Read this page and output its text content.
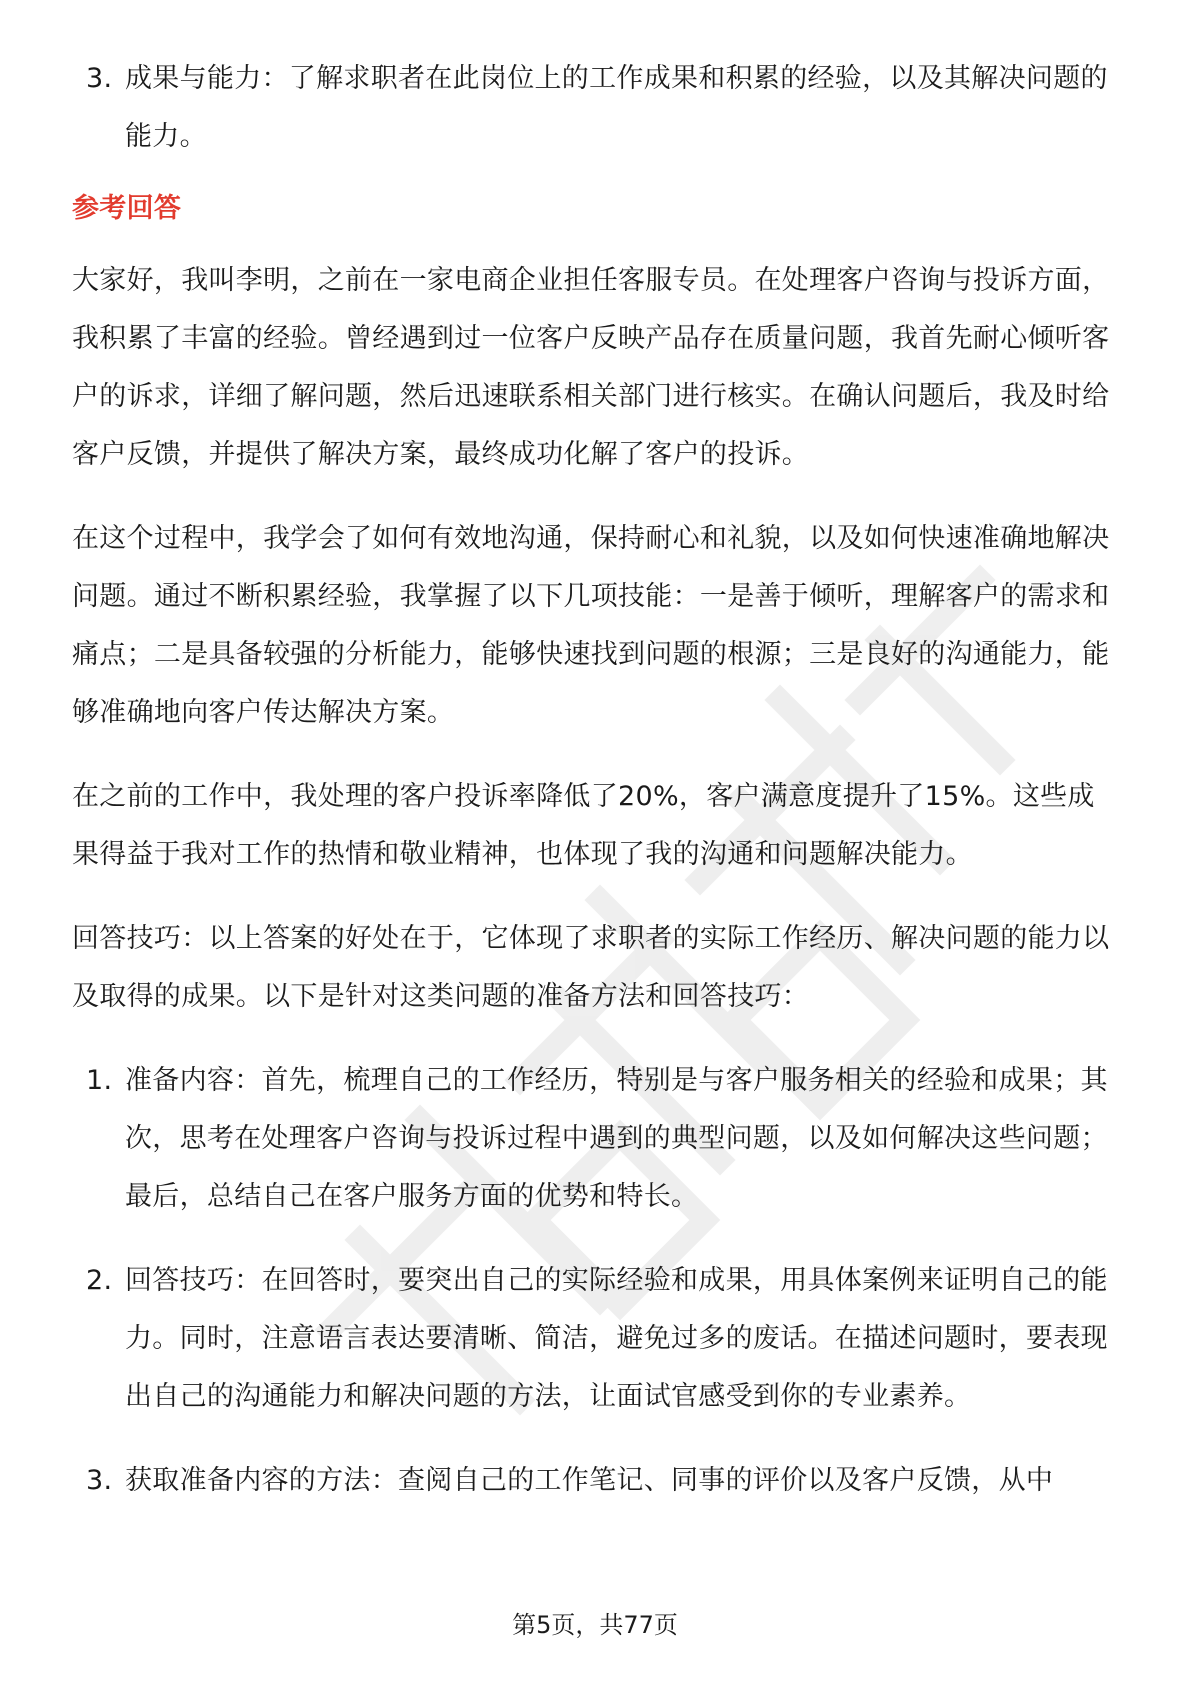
3. 成果与能力：了解求职者在此岗位上的工作成果和积累的经验，以及其解决问题的能力。

参考回答

大家好，我叫李明，之前在一家电商企业担任客服专员。在处理客户咨询与投诉方面，我积累了丰富的经验。曾经遇到过一位客户反映产品存在质量问题，我首先耐心倾听客户的诉求，详细了解问题，然后迅速联系相关部门进行核实。在确认问题后，我及时给客户反馈，并提供了解决方案，最终成功化解了客户的投诉。

在这个过程中，我学会了如何有效地沟通，保持耐心和礼貌，以及如何快速准确地解决问题。通过不断积累经验，我掌握了以下几项技能：一是善于倾听，理解客户的需求和痛点；二是具备较强的分析能力，能够快速找到问题的根源；三是良好的沟通能力，能够准确地向客户传达解决方案。

在之前的工作中，我处理的客户投诉率降低了20%，客户满意度提升了15%。这些成果得益于我对工作的热情和敬业精神，也体现了我的沟通和问题解决能力。

回答技巧：以上答案的好处在于，它体现了求职者的实际工作经历、解决问题的能力以及取得的成果。以下是针对这类问题的准备方法和回答技巧：

1. 准备内容：首先，梳理自己的工作经历，特别是与客户服务相关的经验和成果；其次，思考在处理客户咨询与投诉过程中遇到的典型问题，以及如何解决这些问题；最后，总结自己在客户服务方面的优势和特长。
2. 回答技巧：在回答时，要突出自己的实际经验和成果，用具体案例来证明自己的能力。同时，注意语言表达要清晰、简洁，避免过多的废话。在描述问题时，要表现出自己的沟通能力和解决问题的方法，让面试官感受到你的专业素养。
3. 获取准备内容的方法：查阅自己的工作笔记、同事的评价以及客户反馈，从中
第5页，共77页
